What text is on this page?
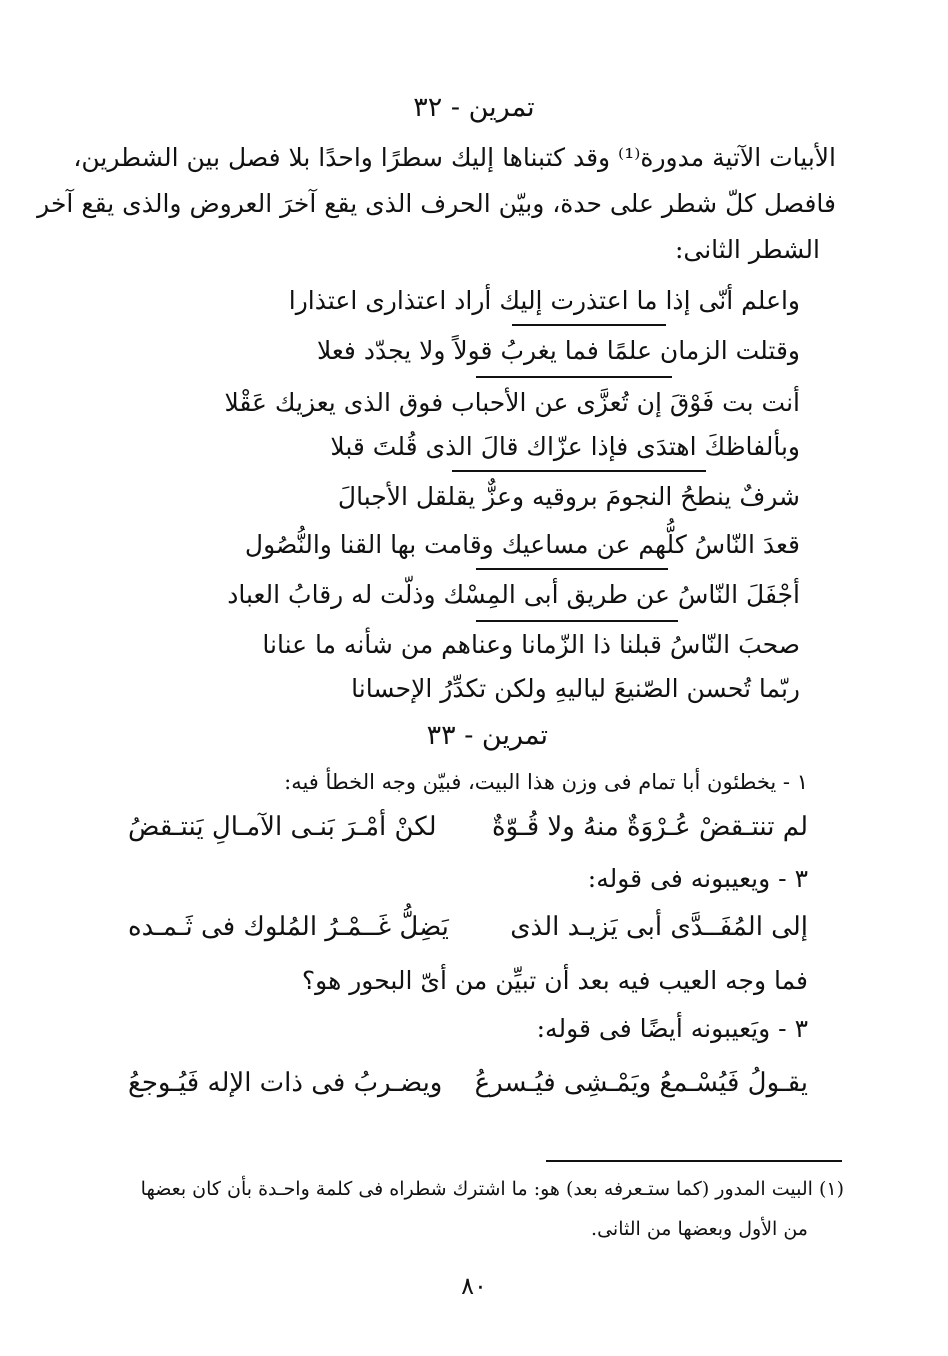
تمرين - ٣٢
الأبيات الآتية مدورة⁽¹⁾ وقد كتبناها إليك سطرًا واحدًا بلا فصل بين الشطرين،
فافصل كلّ شطر على حدة، وبيّن الحرف الذى يقع آخرَ العروض والذى يقع آخر
الشطر الثانى:
واعلم أنّى إذا ما اعتذرت إليك أراد اعتذارى اعتذارا
وقتلت الزمان علمًا فما يغربُ قولاً ولا يجدّد فعلا
أنت بت فَوْقَ إن تُعزَّى عن الأحباب فوق الذى يعزيك عَقْلا
وبألفاظكَ اهتدَى فإذا عزّاك قالَ الذى قُلتَ قبلا
شرفٌ ينطحُ النجومَ بروقيه وعزٌّ يقلقل الأجبالَ
قعدَ النّاسُ كلُّهم عن مساعيك وقامت بها القنا والنُّصُول
أجْفَلَ النّاسُ عن طريق أبى المِسْك وذلّت له رقابُ العباد
صحبَ النّاسُ قبلنا ذا الزّمانا وعناهم من شأنه ما عنانا
ربّما تُحسن الصّنيعَ لياليهِ ولكن تكدِّرُ الإحسانا
تمرين - ٣٣
١ - يخطئون أبا تمام فى وزن هذا البيت، فبيّن وجه الخطأ فيه:
لم تنتـقضْ عُـرْوَةٌ منهُ ولا قُـوّةٌ
لكنْ أمْـرَ بَنـى الآمـالِ يَنتـقضُ
٣ - ويعيبونه فى قوله:
إلى المُفَــدَّى أبى يَزيـد الذى
يَضِلُّ غَــمْـرُ المُلوك فى ثَـمـده
فما وجه العيب فيه بعد أن تبيِّن من أىّ البحور هو؟
٣ - ويَعيبونه أيضًا فى قوله:
يقـولُ فَيُسْـمعُ ويَمْـشِى فيُـسرعُ
ويضـربُ فى ذات الإله فَيُـوجعُ
(١) البيت المدور (كما ستـعرفه بعد) هو: ما اشترك شطراه فى كلمة واحـدة بأن كان بعضها
من الأول وبعضها من الثانى.
٨٠
